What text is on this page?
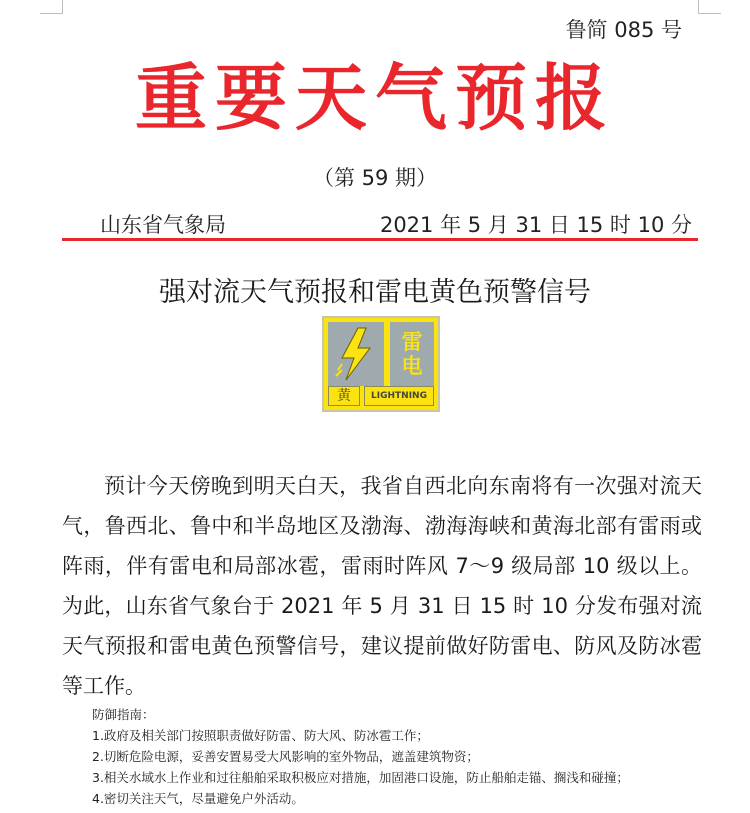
鲁简 085 号
重要天气预报
（第 59 期）
山东省气象局	2021 年 5 月 31 日 15 时 10 分
强对流天气预报和雷电黄色预警信号
雷
电
黄	LIGHTNING

预计今天傍晚到明天白天，我省自西北向东南将有一次强对流天气，鲁西北、鲁中和半岛地区及渤海、渤海海峡和黄海北部有雷雨或阵雨，伴有雷电和局部冰雹，雷雨时阵风 7～9 级局部 10 级以上。为此，山东省气象台于 2021 年 5 月 31 日 15 时 10 分发布强对流天气预报和雷电黄色预警信号，建议提前做好防雷电、防风及防冰雹等工作。

防御指南：
1.政府及相关部门按照职责做好防雷、防大风、防冰雹工作；
2.切断危险电源，妥善安置易受大风影响的室外物品，遮盖建筑物资；
3.相关水域水上作业和过往船舶采取积极应对措施，加固港口设施，防止船舶走锚、搁浅和碰撞；
4.密切关注天气，尽量避免户外活动。
